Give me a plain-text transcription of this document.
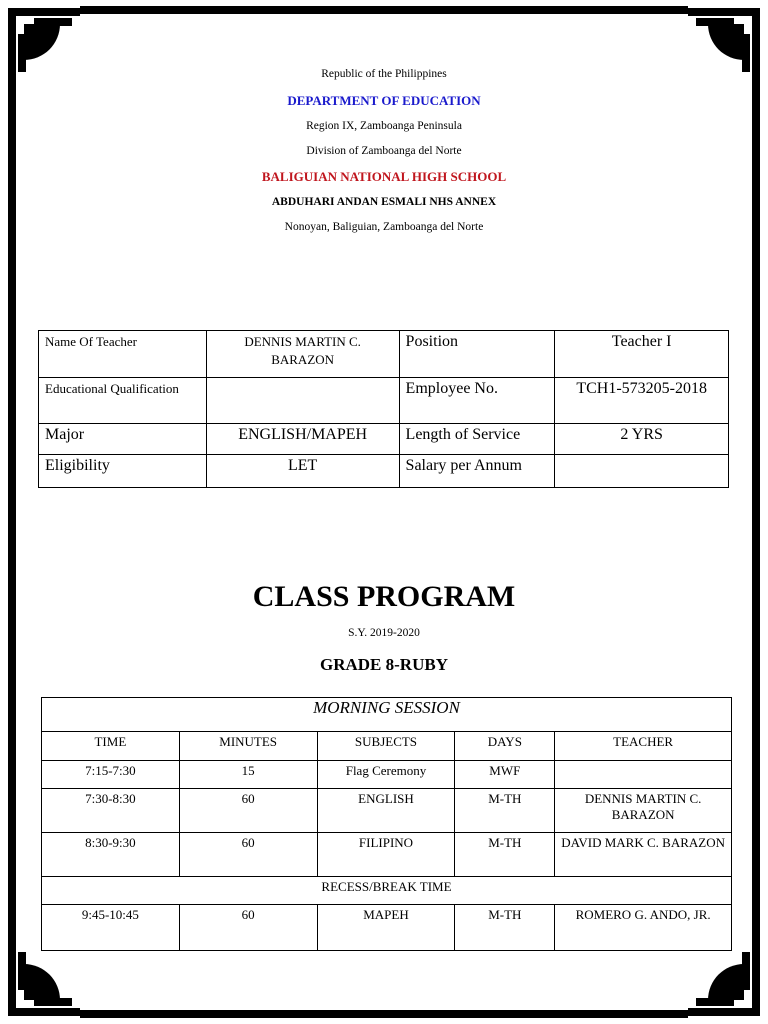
Republic of the Philippines
DEPARTMENT OF EDUCATION
Region IX, Zamboanga Peninsula
Division of Zamboanga del Norte
BALIGUIAN NATIONAL HIGH SCHOOL
ABDUHARI ANDAN ESMALI NHS ANNEX
Nonoyan, Baliguian, Zamboanga del Norte
Name Of Teacher	DENNIS MARTIN C. BARAZON	Position	Teacher I
Educational Qualification		Employee No.	TCH1-573205-2018
Major	ENGLISH/MAPEH	Length of Service	2 YRS
Eligibility	LET	Salary per Annum	
CLASS PROGRAM
S.Y. 2019-2020
GRADE 8-RUBY
MORNING SESSION				
TIME	MINUTES	SUBJECTS	DAYS	TEACHER
7:15-7:30	15	Flag Ceremony	MWF	
7:30-8:30	60	ENGLISH	M-TH	DENNIS MARTIN C. BARAZON
8:30-9:30	60	FILIPINO	M-TH	DAVID MARK C. BARAZON
RECESS/BREAK TIME				
9:45-10:45	60	MAPEH	M-TH	ROMERO G. ANDO, JR.
